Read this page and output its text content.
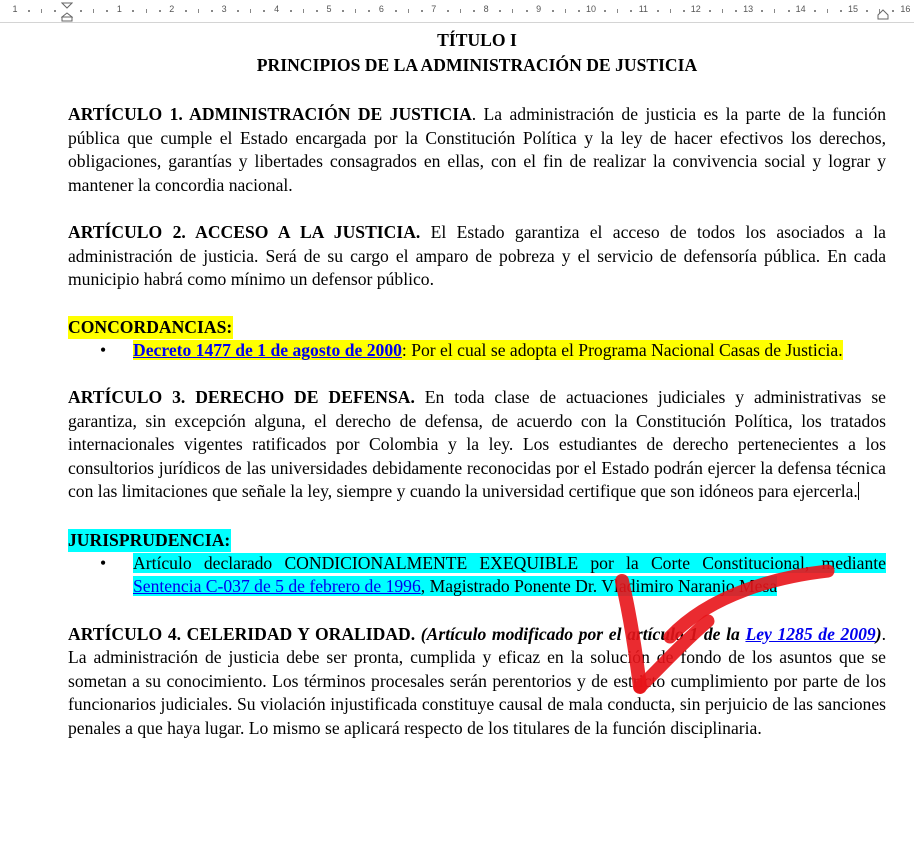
1	1	2	3	4	5	6	7	8	9	10	11	12	13	14	15	16

TÍTULO I

PRINCIPIOS DE LA ADMINISTRACIÓN DE JUSTICIA

ARTÍCULO 1. ADMINISTRACIÓN DE JUSTICIA. La administración de justicia es la parte de la función pública que cumple el Estado encargada por la Constitución Política y la ley de hacer efectivos los derechos, obligaciones, garantías y libertades consagrados en ellas, con el fin de realizar la convivencia social y lograr y mantener la concordia nacional.

ARTÍCULO 2. ACCESO A LA JUSTICIA. El Estado garantiza el acceso de todos los asociados a la administración de justicia. Será de su cargo el amparo de pobreza y el servicio de defensoría pública. En cada municipio habrá como mínimo un defensor público.

CONCORDANCIAS:
• Decreto 1477 de 1 de agosto de 2000: Por el cual se adopta el Programa Nacional Casas de Justicia.

ARTÍCULO 3. DERECHO DE DEFENSA. En toda clase de actuaciones judiciales y administrativas se garantiza, sin excepción alguna, el derecho de defensa, de acuerdo con la Constitución Política, los tratados internacionales vigentes ratificados por Colombia y la ley. Los estudiantes de derecho pertenecientes a los consultorios jurídicos de las universidades debidamente reconocidas por el Estado podrán ejercer la defensa técnica con las limitaciones que señale la ley, siempre y cuando la universidad certifique que son idóneos para ejercerla.

JURISPRUDENCIA:
• Artículo declarado CONDICIONALMENTE EXEQUIBLE por la Corte Constitucional, mediante Sentencia C-037 de 5 de febrero de 1996, Magistrado Ponente Dr. Vladimiro Naranjo Mesa

ARTÍCULO 4. CELERIDAD Y ORALIDAD. (Artículo modificado por el artículo 1 de la Ley 1285 de 2009). La administración de justicia debe ser pronta, cumplida y eficaz en la solución de fondo de los asuntos que se sometan a su conocimiento. Los términos procesales serán perentorios y de estricto cumplimiento por parte de los funcionarios judiciales. Su violación injustificada constituye causal de mala conducta, sin perjuicio de las sanciones penales a que haya lugar. Lo mismo se aplicará respecto de los titulares de la función disciplinaria.
